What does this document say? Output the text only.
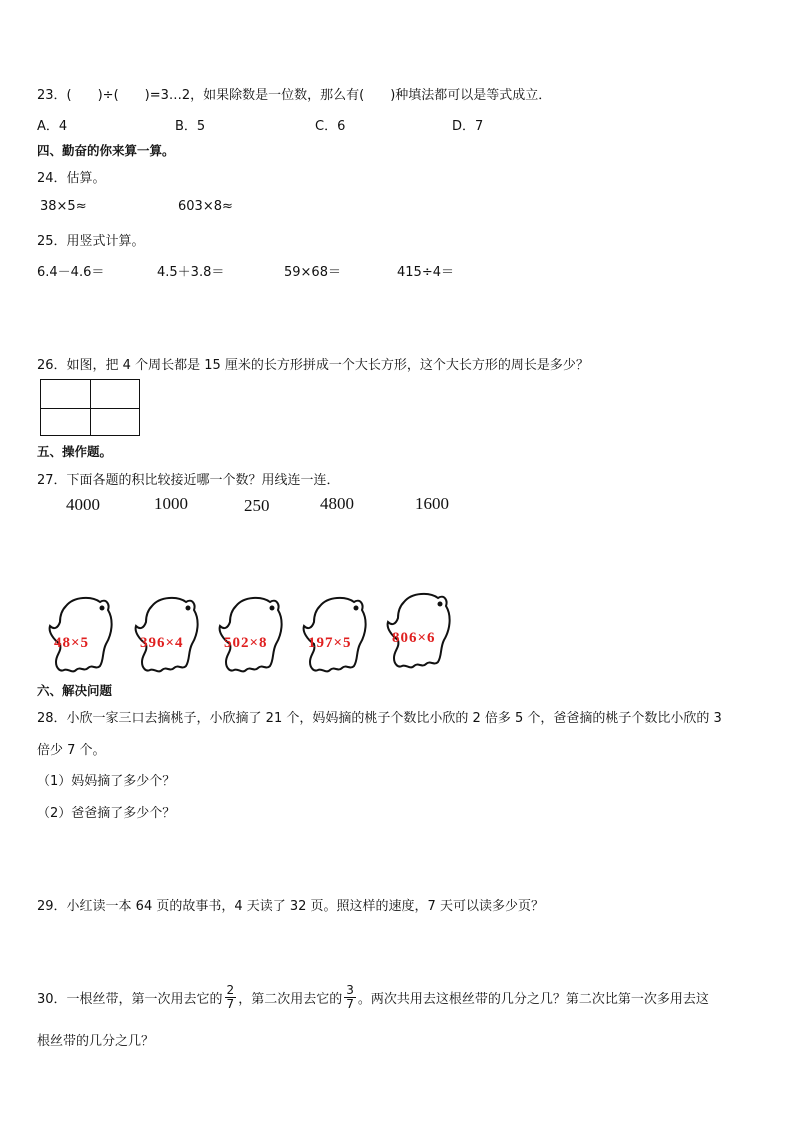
23．(　　)÷(　　)=3…2，如果除数是一位数，那么有(　　)种填法都可以是等式成立．
A．4	B．5	C．6	D．7
四、勤奋的你来算一算。
24．估算。
38×5≈	603×8≈
25．用竖式计算。
6.4－4.6＝	4.5＋3.8＝	59×68＝	415÷4＝
26．如图，把 4 个周长都是 15 厘米的长方形拼成一个大长方形，这个大长方形的周长是多少？
五、操作题。
27．下面各题的积比较接近哪一个数？用线连一连．
4000	1000	250	4800	1600
48×5	396×4	502×8	197×5	806×6
六、解决问题
28．小欣一家三口去摘桃子，小欣摘了 21 个，妈妈摘的桃子个数比小欣的 2 倍多 5 个，爸爸摘的桃子个数比小欣的 3
倍少 7 个。
（1）妈妈摘了多少个？
（2）爸爸摘了多少个？
29．小红读一本 64 页的故事书，4 天读了 32 页。照这样的速度，7 天可以读多少页？
30．一根丝带，第一次用去它的 $\frac{2}{7}$ ，第二次用去它的 $\frac{3}{7}$ 。两次共用去这根丝带的几分之几？第二次比第一次多用去这
根丝带的几分之几？
